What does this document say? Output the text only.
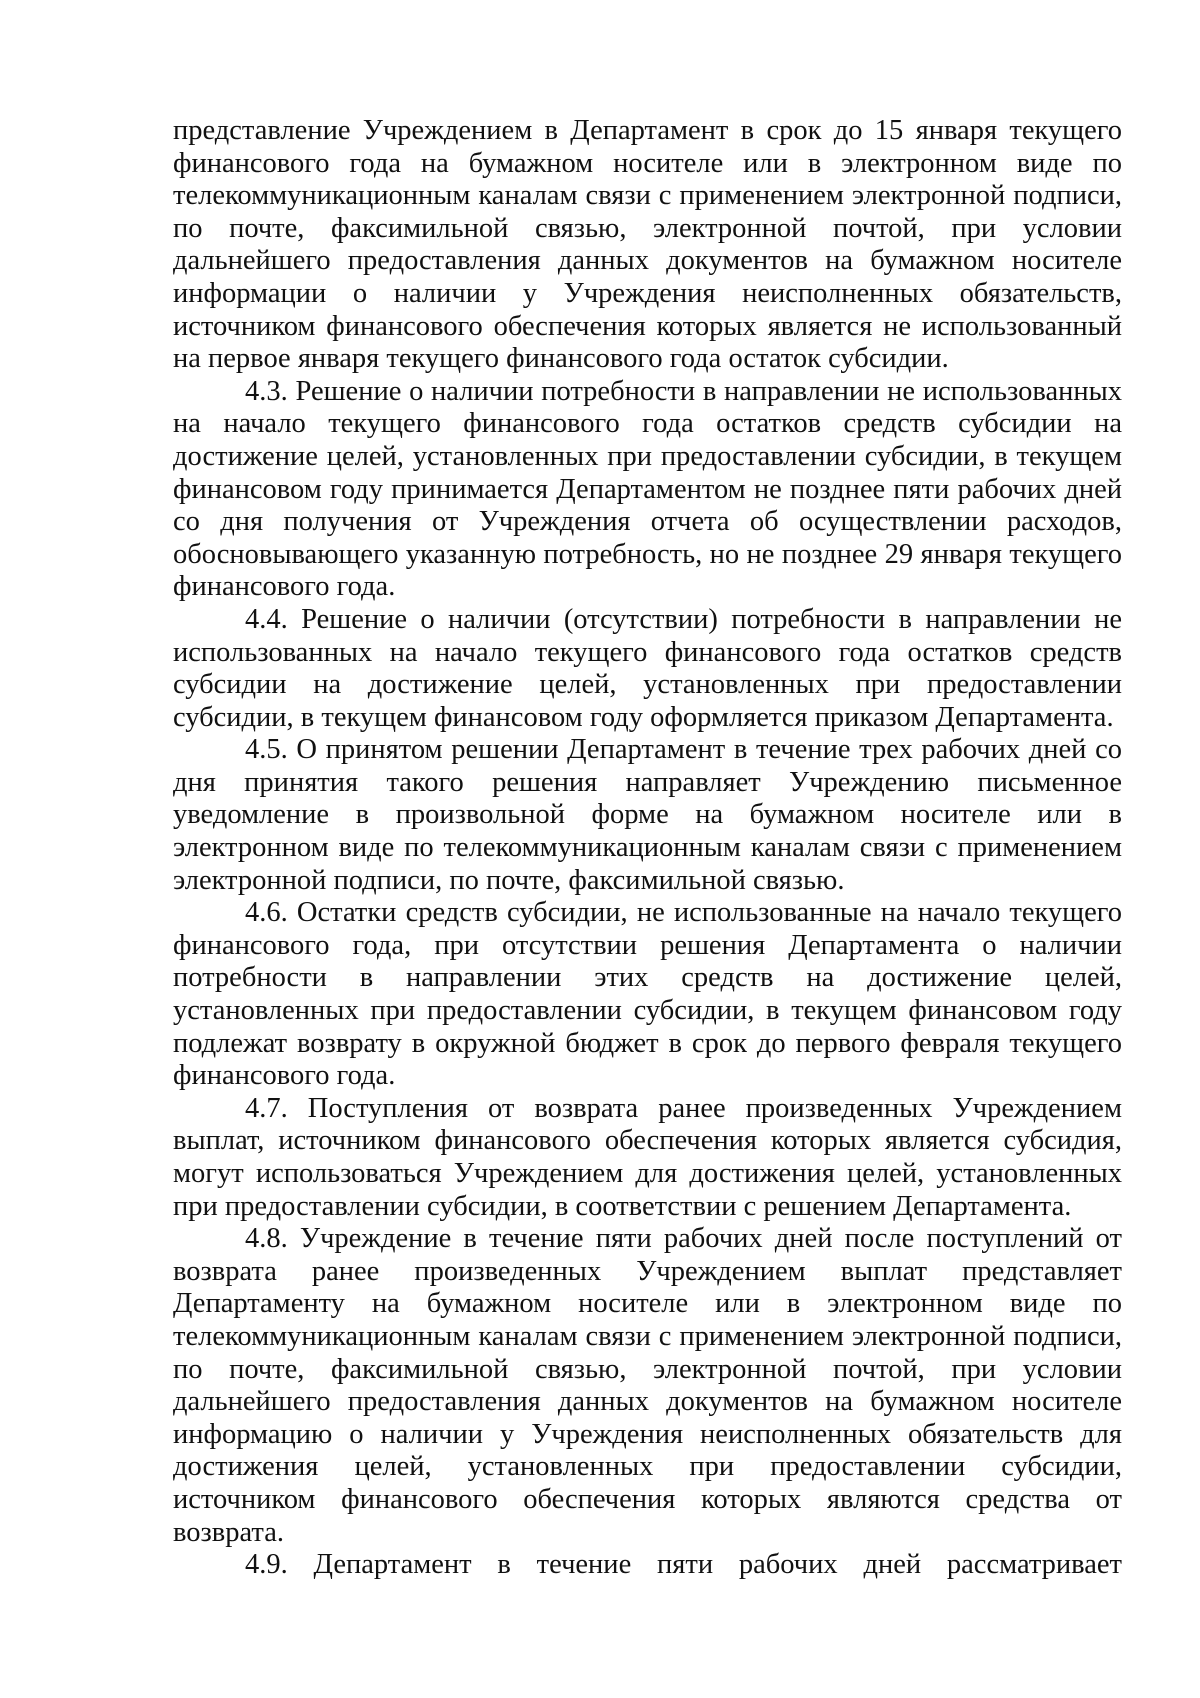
представление Учреждением в Департамент в срок до 15 января текущего финансового года на бумажном носителе или в электронном виде по телекоммуникационным каналам связи с применением электронной подписи, по почте, факсимильной связью, электронной почтой, при условии дальнейшего предоставления данных документов на бумажном носителе информации о наличии у Учреждения неисполненных обязательств, источником финансового обеспечения которых является не использованный на первое января текущего финансового года остаток субсидии.

4.3. Решение о наличии потребности в направлении не использованных на начало текущего финансового года остатков средств субсидии на достижение целей, установленных при предоставлении субсидии, в текущем финансовом году принимается Департаментом не позднее пяти рабочих дней со дня получения от Учреждения отчета об осуществлении расходов, обосновывающего указанную потребность, но не позднее 29 января текущего финансового года.

4.4. Решение о наличии (отсутствии) потребности в направлении не использованных на начало текущего финансового года остатков средств субсидии на достижение целей, установленных при предоставлении субсидии, в текущем финансовом году оформляется приказом Департамента.

4.5. О принятом решении Департамент в течение трех рабочих дней со дня принятия такого решения направляет Учреждению письменное уведомление в произвольной форме на бумажном носителе или в электронном виде по телекоммуникационным каналам связи с применением электронной подписи, по почте, факсимильной связью.

4.6. Остатки средств субсидии, не использованные на начало текущего финансового года, при отсутствии решения Департамента о наличии потребности в направлении этих средств на достижение целей, установленных при предоставлении субсидии, в текущем финансовом году подлежат возврату в окружной бюджет в срок до первого февраля текущего финансового года.

4.7. Поступления от возврата ранее произведенных Учреждением выплат, источником финансового обеспечения которых является субсидия, могут использоваться Учреждением для достижения целей, установленных при предоставлении субсидии, в соответствии с решением Департамента.

4.8. Учреждение в течение пяти рабочих дней после поступлений от возврата ранее произведенных Учреждением выплат представляет Департаменту на бумажном носителе или в электронном виде по телекоммуникационным каналам связи с применением электронной подписи, по почте, факсимильной связью, электронной почтой, при условии дальнейшего предоставления данных документов на бумажном носителе информацию о наличии у Учреждения неисполненных обязательств для достижения целей, установленных при предоставлении субсидии, источником финансового обеспечения которых являются средства от возврата.

4.9. Департамент в течение пяти рабочих дней рассматривает
